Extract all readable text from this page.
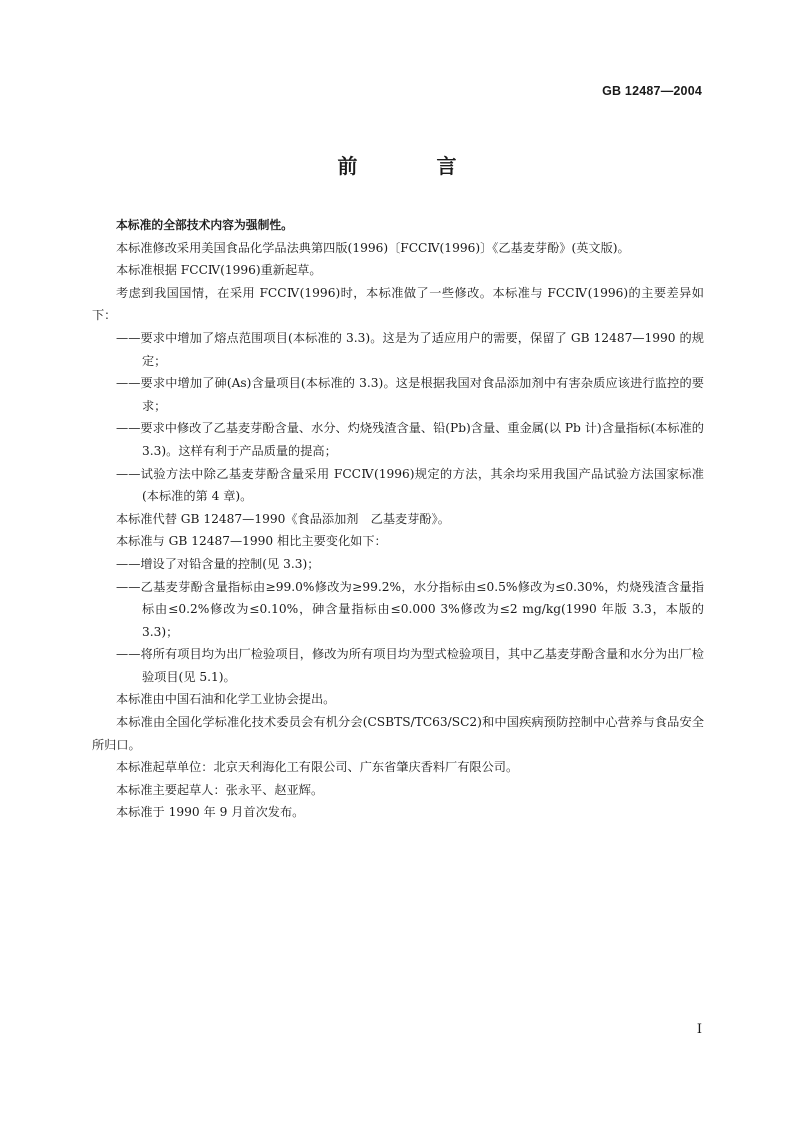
GB 12487—2004
前 言

本标准的全部技术内容为强制性。

本标准修改采用美国食品化学品法典第四版(1996)〔FCCⅣ(1996)〕《乙基麦芽酚》(英文版)。

本标准根据 FCCⅣ(1996)重新起草。

考虑到我国国情，在采用 FCCⅣ(1996)时，本标准做了一些修改。本标准与 FCCⅣ(1996)的主要差异如下：

——要求中增加了熔点范围项目(本标准的 3.3)。这是为了适应用户的需要，保留了 GB 12487—1990 的规定；

——要求中增加了砷(As)含量项目(本标准的 3.3)。这是根据我国对食品添加剂中有害杂质应该进行监控的要求；

——要求中修改了乙基麦芽酚含量、水分、灼烧残渣含量、铅(Pb)含量、重金属(以 Pb 计)含量指标(本标准的 3.3)。这样有利于产品质量的提高；

——试验方法中除乙基麦芽酚含量采用 FCCⅣ(1996)规定的方法，其余均采用我国产品试验方法国家标准(本标准的第 4 章)。

本标准代替 GB 12487—1990《食品添加剂　乙基麦芽酚》。

本标准与 GB 12487—1990 相比主要变化如下：

——增设了对铅含量的控制(见 3.3)；

——乙基麦芽酚含量指标由≥99.0%修改为≥99.2%，水分指标由≤0.5%修改为≤0.30%，灼烧残渣含量指标由≤0.2%修改为≤0.10%，砷含量指标由≤0.000 3%修改为≤2 mg/kg(1990 年版 3.3，本版的 3.3)；

——将所有项目均为出厂检验项目，修改为所有项目均为型式检验项目，其中乙基麦芽酚含量和水分为出厂检验项目(见 5.1)。

本标准由中国石油和化学工业协会提出。

本标准由全国化学标准化技术委员会有机分会(CSBTS/TC63/SC2)和中国疾病预防控制中心营养与食品安全所归口。

本标准起草单位：北京天利海化工有限公司、广东省肇庆香料厂有限公司。

本标准主要起草人：张永平、赵亚辉。

本标准于 1990 年 9 月首次发布。

I
